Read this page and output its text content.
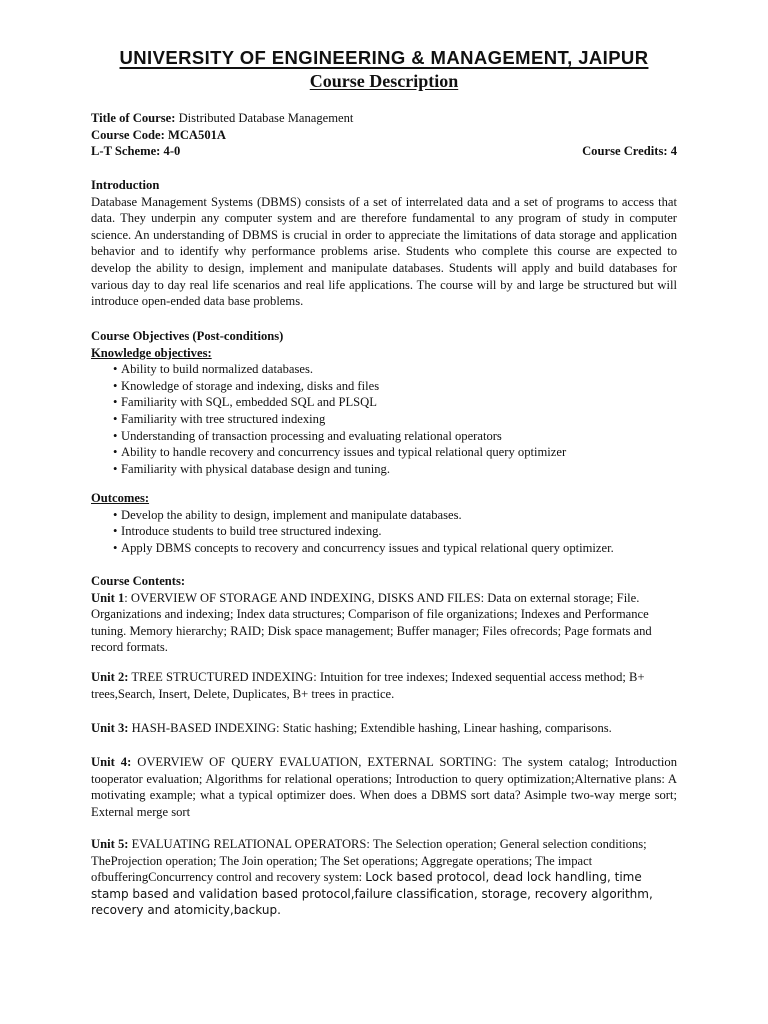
UNIVERSITY OF ENGINEERING & MANAGEMENT, JAIPUR
Course Description
Title of Course: Distributed Database Management
Course Code: MCA501A
L-T Scheme: 4-0	Course Credits: 4
Introduction

Database Management Systems (DBMS) consists of a set of interrelated data and a set of programs to access that data. They underpin any computer system and are therefore fundamental to any program of study in computer science. An understanding of DBMS is crucial in order to appreciate the limitations of data storage and application behavior and to identify why performance problems arise. Students who complete this course are expected to develop the ability to design, implement and manipulate databases. Students will apply and build databases for various day to day real life scenarios and real life applications. The course will by and large be structured but will introduce open-ended data base problems.

Course Objectives (Post-conditions)
Knowledge objectives:
• Ability to build normalized databases.
• Knowledge of storage and indexing, disks and files
• Familiarity with SQL, embedded SQL and PLSQL
• Familiarity with tree structured indexing
• Understanding of transaction processing and evaluating relational operators
• Ability to handle recovery and concurrency issues and typical relational query optimizer
• Familiarity with physical database design and tuning.
Outcomes:
• Develop the ability to design, implement and manipulate databases.
• Introduce students to build tree structured indexing.
• Apply DBMS concepts to recovery and concurrency issues and typical relational query optimizer.
Course Contents:

Unit 1: OVERVIEW OF STORAGE AND INDEXING, DISKS AND FILES: Data on external storage; File. Organizations and indexing; Index data structures; Comparison of file organizations; Indexes and Performance tuning. Memory hierarchy; RAID; Disk space management; Buffer manager; Files ofrecords; Page formats and record formats.

Unit 2: TREE STRUCTURED INDEXING: Intuition for tree indexes; Indexed sequential access method; B+ trees,Search, Insert, Delete, Duplicates, B+ trees in practice.

Unit 3: HASH-BASED INDEXING: Static hashing; Extendible hashing, Linear hashing, comparisons.

Unit 4: OVERVIEW OF QUERY EVALUATION, EXTERNAL SORTING: The system catalog; Introduction tooperator evaluation; Algorithms for relational operations; Introduction to query optimization;Alternative plans: A motivating example; what a typical optimizer does. When does a DBMS sort data? Asimple two-way merge sort; External merge sort

Unit 5: EVALUATING RELATIONAL OPERATORS: The Selection operation; General selection conditions; TheProjection operation; The Join operation; The Set operations; Aggregate operations; The impact ofbufferingConcurrency control and recovery system: Lock based protocol, dead lock handling, time stamp based and validation based protocol,failure classification, storage, recovery algorithm, recovery and atomicity,backup.
